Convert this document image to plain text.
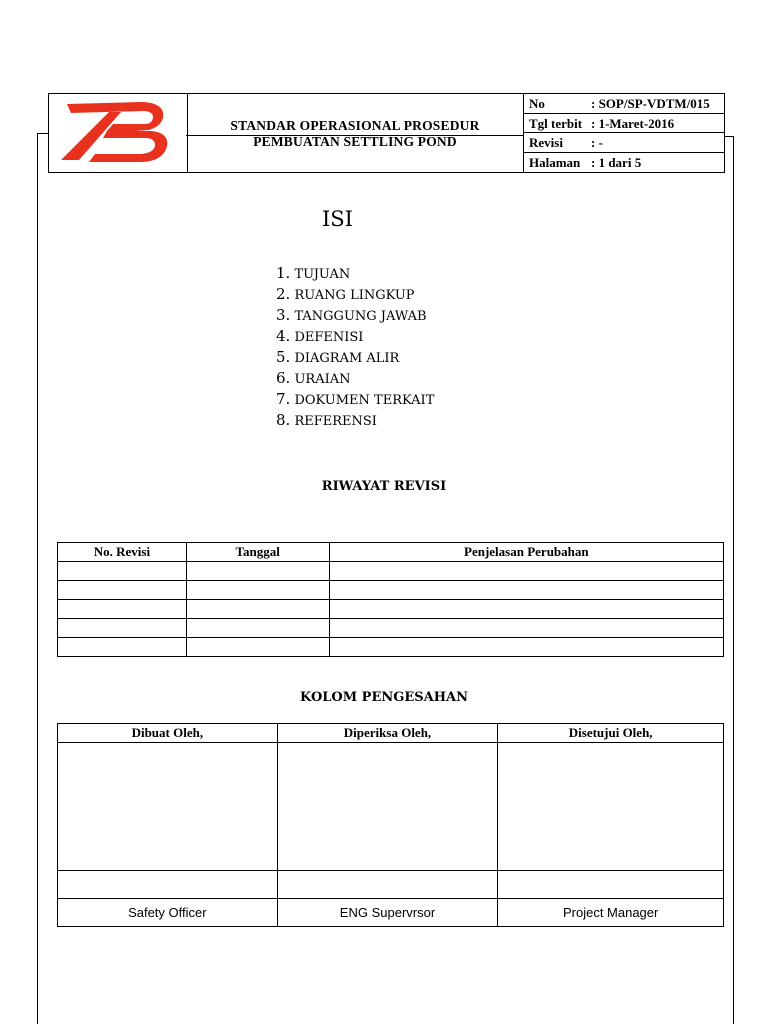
STANDAR OPERASIONAL PROSEDUR
PEMBUATAN SETTLING POND
No	: SOP/SP-VDTM/015
Tgl terbit : 1-Maret-2016
Revisi : -
Halaman : 1 dari 5
ISI
1. TUJUAN
2. RUANG LINGKUP
3. TANGGUNG JAWAB
4. DEFENISI
5. DIAGRAM ALIR
6. URAIAN
7. DOKUMEN TERKAIT
8. REFERENSI
RIWAYAT REVISI
No. Revisi	Tanggal	Penjelasan Perubahan

KOLOM PENGESAHAN
Dibuat Oleh,	Diperiksa Oleh,	Disetujui Oleh,

Safety Officer	ENG Supervrsor	Project Manager
